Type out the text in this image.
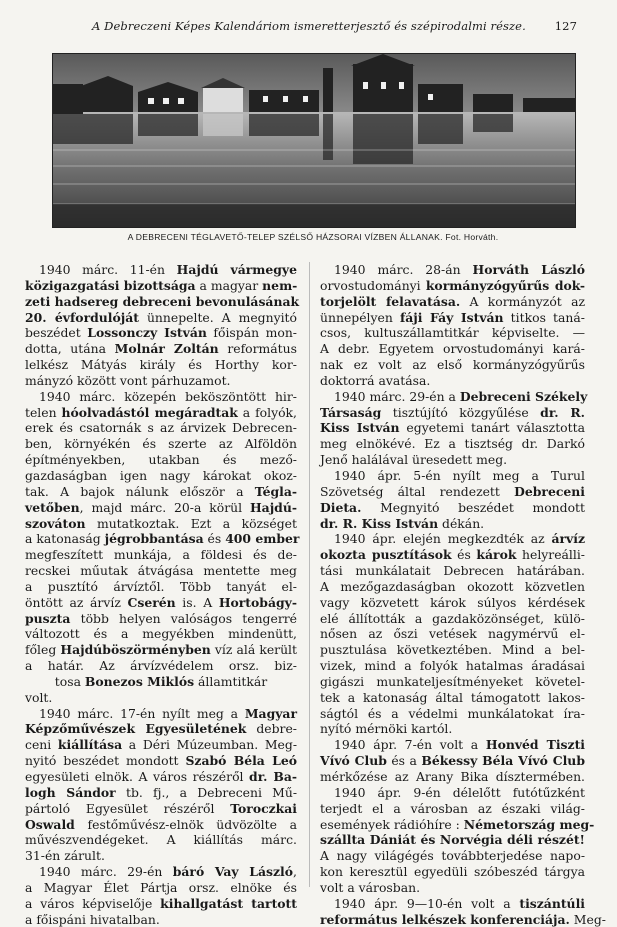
A Debreczeni Képes Kalendáriom ismeretterjesztő és szépirodalmi része.	127
A DEBRECENI TÉGLAVETŐ-TELEP SZÉLSŐ HÁZSORAI VÍZBEN ÁLLANAK. Fot. Horváth.
1940 márc. 11-én Hajdú vármegye
közigazgatási bizottsága a magyar nem-
zeti hadsereg debreceni bevonulásának
20. évfordulóját ünnepelte. A megnyitó
beszédet Lossonczy István főispán mon-
dotta, utána Molnár Zoltán református
lelkész Mátyás király és Horthy kor-
mányzó között vont párhuzamot.
1940 márc. közepén beköszöntött hir-
telen hóolvadástól megáradtak a folyók,
erek és csatornák s az árvizek Debrecen-
ben, környékén és szerte az Alföldön
építményekben, utakban és mező-
gazdaságban igen nagy károkat okoz-
tak. A bajok nálunk először a Tégla-
vetőben, majd márc. 20-a körül Hajdú-
szováton mutatkoztak. Ezt a községet
a katonaság jégrobbantása és 400 ember
megfeszített munkája, a földesi és de-
recskei műutak átvágása mentette meg
a pusztító árvíztől. Több tanyát el-
öntött az árvíz Cserén is. A Hortobágy-
puszta több helyen valóságos tengerré
változott és a megyékben mindenütt,
főleg Hajdúböszörményben víz alá került
a határ. Az árvízvédelem orsz. biz-
tosa Bonezos Miklós államtitkár
volt.
1940 márc. 17-én nyílt meg a Magyar
Képzőművészek Egyesületének debre-
ceni kiállítása a Déri Múzeumban. Meg-
nyitó beszédet mondott Szabó Béla Leó
egyesületi elnök. A város részéről dr. Ba-
logh Sándor tb. fj., a Debreceni Mű-
pártoló Egyesület részéről Toroczkai
Oswald festőművész-elnök üdvözölte a
művészvendégeket. A kiállítás márc.
31-én zárult.
1940 márc. 29-én báró Vay László,
a Magyar Élet Pártja orsz. elnöke és
a város képviselője kihallgatást tartott
a főispáni hivatalban.
1940 márc. 28-án Horváth László
orvostudományi kormányzógyűrűs dok-
torjelölt felavatása. A kormányzót az
ünnepélyen fáji Fáy István titkos taná-
csos, kultuszállamtitkár képviselte. —
A debr. Egyetem orvostudományi kará-
nak ez volt az első kormányzógyűrűs
doktorrá avatása.
1940 márc. 29-én a Debreceni Székely
Társaság tisztújító közgyűlése dr. R.
Kiss István egyetemi tanárt választotta
meg elnökévé. Ez a tisztség dr. Darkó
Jenő halálával üresedett meg.
1940 ápr. 5-én nyílt meg a Turul
Szövetség által rendezett Debreceni
Dieta. Megnyitó beszédet mondott
dr. R. Kiss István dékán.
1940 ápr. elején megkezdték az árvíz
okozta pusztítások és károk helyreálli-
tási munkálatait Debrecen határában.
A mezőgazdaságban okozott közvetlen
vagy közvetett károk súlyos kérdések
elé állították a gazdaközönséget, külö-
nősen az őszi vetések nagymérvű el-
pusztulása következtében. Mind a bel-
vizek, mind a folyók hatalmas áradásai
gigászi munkateljesítményeket követel-
tek a katonaság által támogatott lakos-
ságtól és a védelmi munkálatokat íra-
nyító mérnöki kartól.
1940 ápr. 7-én volt a Honvéd Tiszti
Vívó Club és a Békessy Béla Vívó Club
mérkőzése az Arany Bika dísztermében.
1940 ápr. 9-én délelőtt futótűzként
terjedt el a városban az északi világ-
események rádióhíre : Németország meg-
szállta Dániát és Norvégia déli részét!
A nagy világégés továbbterjedése napo-
kon keresztül egyedüli szóbeszéd tárgya
volt a városban.
1940 ápr. 9—10-én volt a tiszántúli
református lelkészek konferenciája. Meg-
